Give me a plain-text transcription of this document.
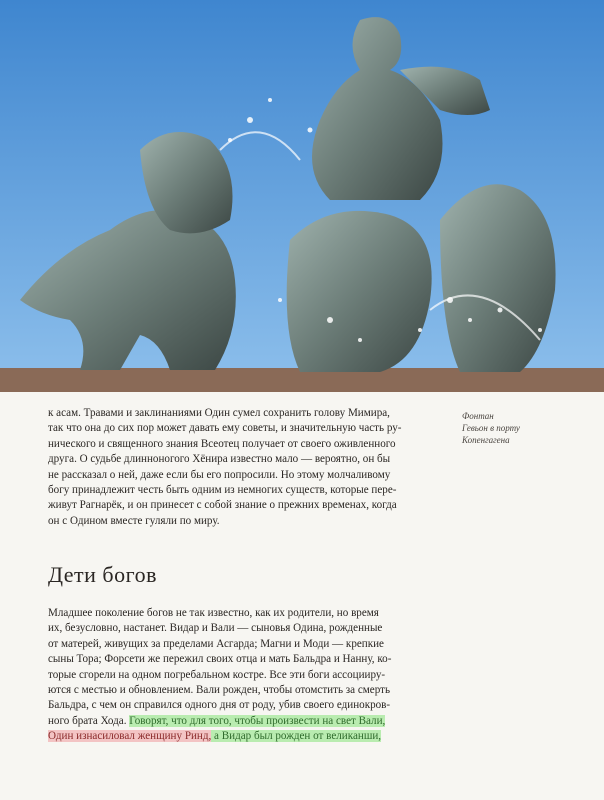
Фонтан
Гевьон в порту
Копенгагена
к асам. Травами и заклинаниями Один сумел сохранить голову Мимира,
так что она до сих пор может давать ему советы, и значительную часть ру-
нического и священного знания Всеотец получает от своего оживленного
друга. О судьбе длинноногого Хёнира известно мало — вероятно, он бы
не рассказал о ней, даже если бы его попросили. Но этому молчаливому
богу принадлежит честь быть одним из немногих существ, которые пере-
живут Рагнарёк, и он принесет с собой знание о прежних временах, когда
он с Одином вместе гуляли по миру.
Дети богов
Младшее поколение богов не так известно, как их родители, но время
их, безусловно, настанет. Видар и Вали — сыновья Одина, рожденные
от матерей, живущих за пределами Асгарда; Магни и Моди — крепкие
сыны Тора; Форсети же пережил своих отца и мать Бальдра и Нанну, ко-
торые сгорели на одном погребальном костре. Все эти боги ассоцииру-
ются с местью и обновлением. Вали рожден, чтобы отомстить за смерть
Бальдра, с чем он справился одного дня от роду, убив своего единокров-
ного брата Хода. Говорят, что для того, чтобы произвести на свет Вали,
Один изнасиловал женщину Ринд, а Видар был рожден от великанши,
